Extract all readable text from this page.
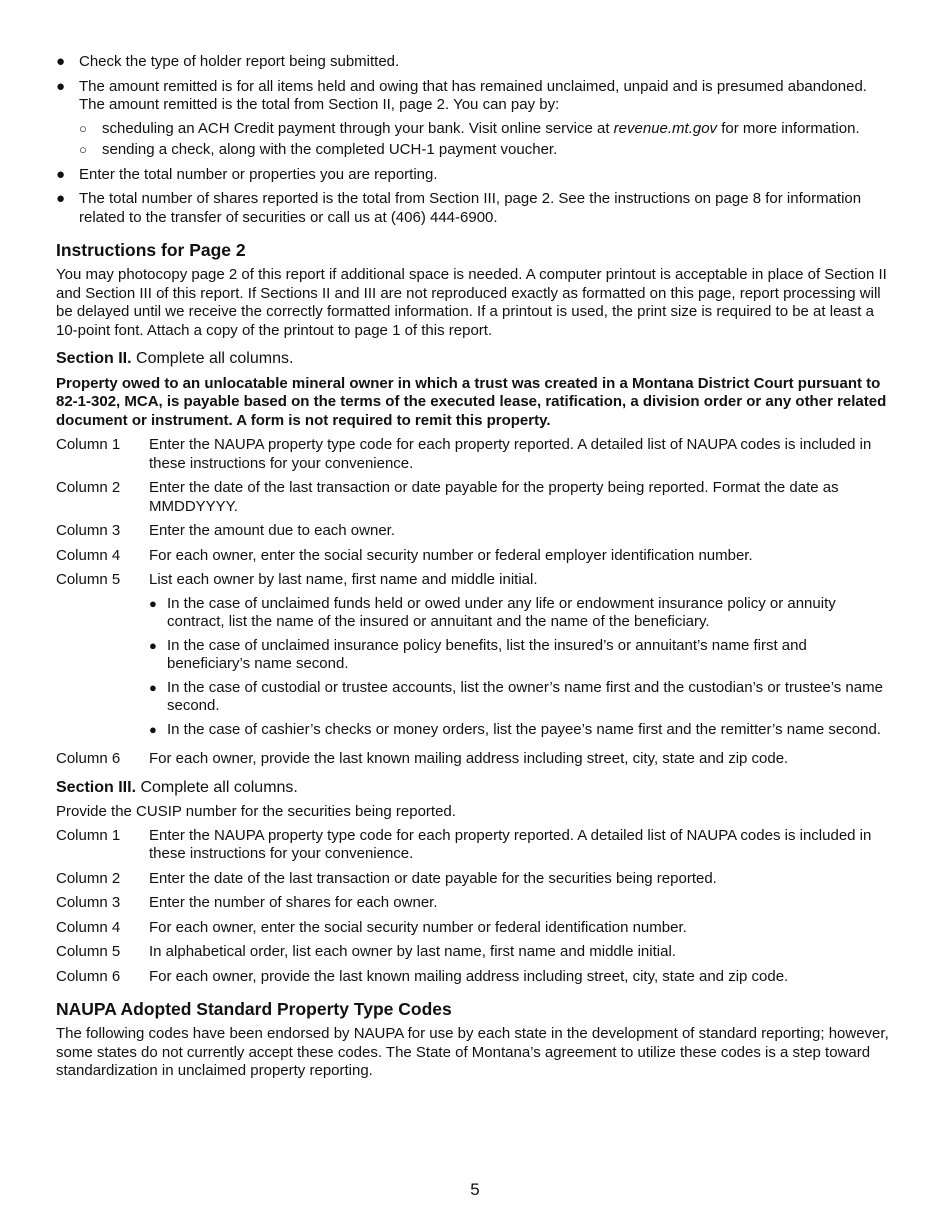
● Check the type of holder report being submitted.
● The amount remitted is for all items held and owing that has remained unclaimed, unpaid and is presumed abandoned. The amount remitted is the total from Section II, page 2. You can pay by:
○ scheduling an ACH Credit payment through your bank. Visit online service at revenue.mt.gov for more information.
○ sending a check, along with the completed UCH-1 payment voucher.
● Enter the total number or properties you are reporting.
● The total number of shares reported is the total from Section III, page 2. See the instructions on page 8 for information related to the transfer of securities or call us at (406) 444-6900.
Instructions for Page 2

You may photocopy page 2 of this report if additional space is needed. A computer printout is acceptable in place of Section II and Section III of this report. If Sections II and III are not reproduced exactly as formatted on this page, report processing will be delayed until we receive the correctly formatted information. If a printout is used, the print size is required to be at least a 10-point font. Attach a copy of the printout to page 1 of this report.

Section II. Complete all columns.

Property owed to an unlocatable mineral owner in which a trust was created in a Montana District Court pursuant to 82-1-302, MCA, is payable based on the terms of the executed lease, ratification, a division order or any other related document or instrument. A form is not required to remit this property.

Column 1	Enter the NAUPA property type code for each property reported. A detailed list of NAUPA codes is included in these instructions for your convenience.
Column 2	Enter the date of the last transaction or date payable for the property being reported. Format the date as MMDDYYYY.
Column 3	Enter the amount due to each owner.
Column 4	For each owner, enter the social security number or federal employer identification number.
Column 5	List each owner by last name, first name and middle initial.
● In the case of unclaimed funds held or owed under any life or endowment insurance policy or annuity contract, list the name of the insured or annuitant and the name of the beneficiary.
● In the case of unclaimed insurance policy benefits, list the insured’s or annuitant’s name first and beneficiary’s name second.
● In the case of custodial or trustee accounts, list the owner’s name first and the custodian’s or trustee’s name second.
● In the case of cashier’s checks or money orders, list the payee’s name first and the remitter’s name second.
Column 6	For each owner, provide the last known mailing address including street, city, state and zip code.
Section III. Complete all columns.

Provide the CUSIP number for the securities being reported.

Column 1	Enter the NAUPA property type code for each property reported. A detailed list of NAUPA codes is included in these instructions for your convenience.
Column 2	Enter the date of the last transaction or date payable for the securities being reported.
Column 3	Enter the number of shares for each owner.
Column 4	For each owner, enter the social security number or federal identification number.
Column 5	In alphabetical order, list each owner by last name, first name and middle initial.
Column 6	For each owner, provide the last known mailing address including street, city, state and zip code.
NAUPA Adopted Standard Property Type Codes

The following codes have been endorsed by NAUPA for use by each state in the development of standard reporting; however, some states do not currently accept these codes. The State of Montana’s agreement to utilize these codes is a step toward standardization in unclaimed property reporting.

5
